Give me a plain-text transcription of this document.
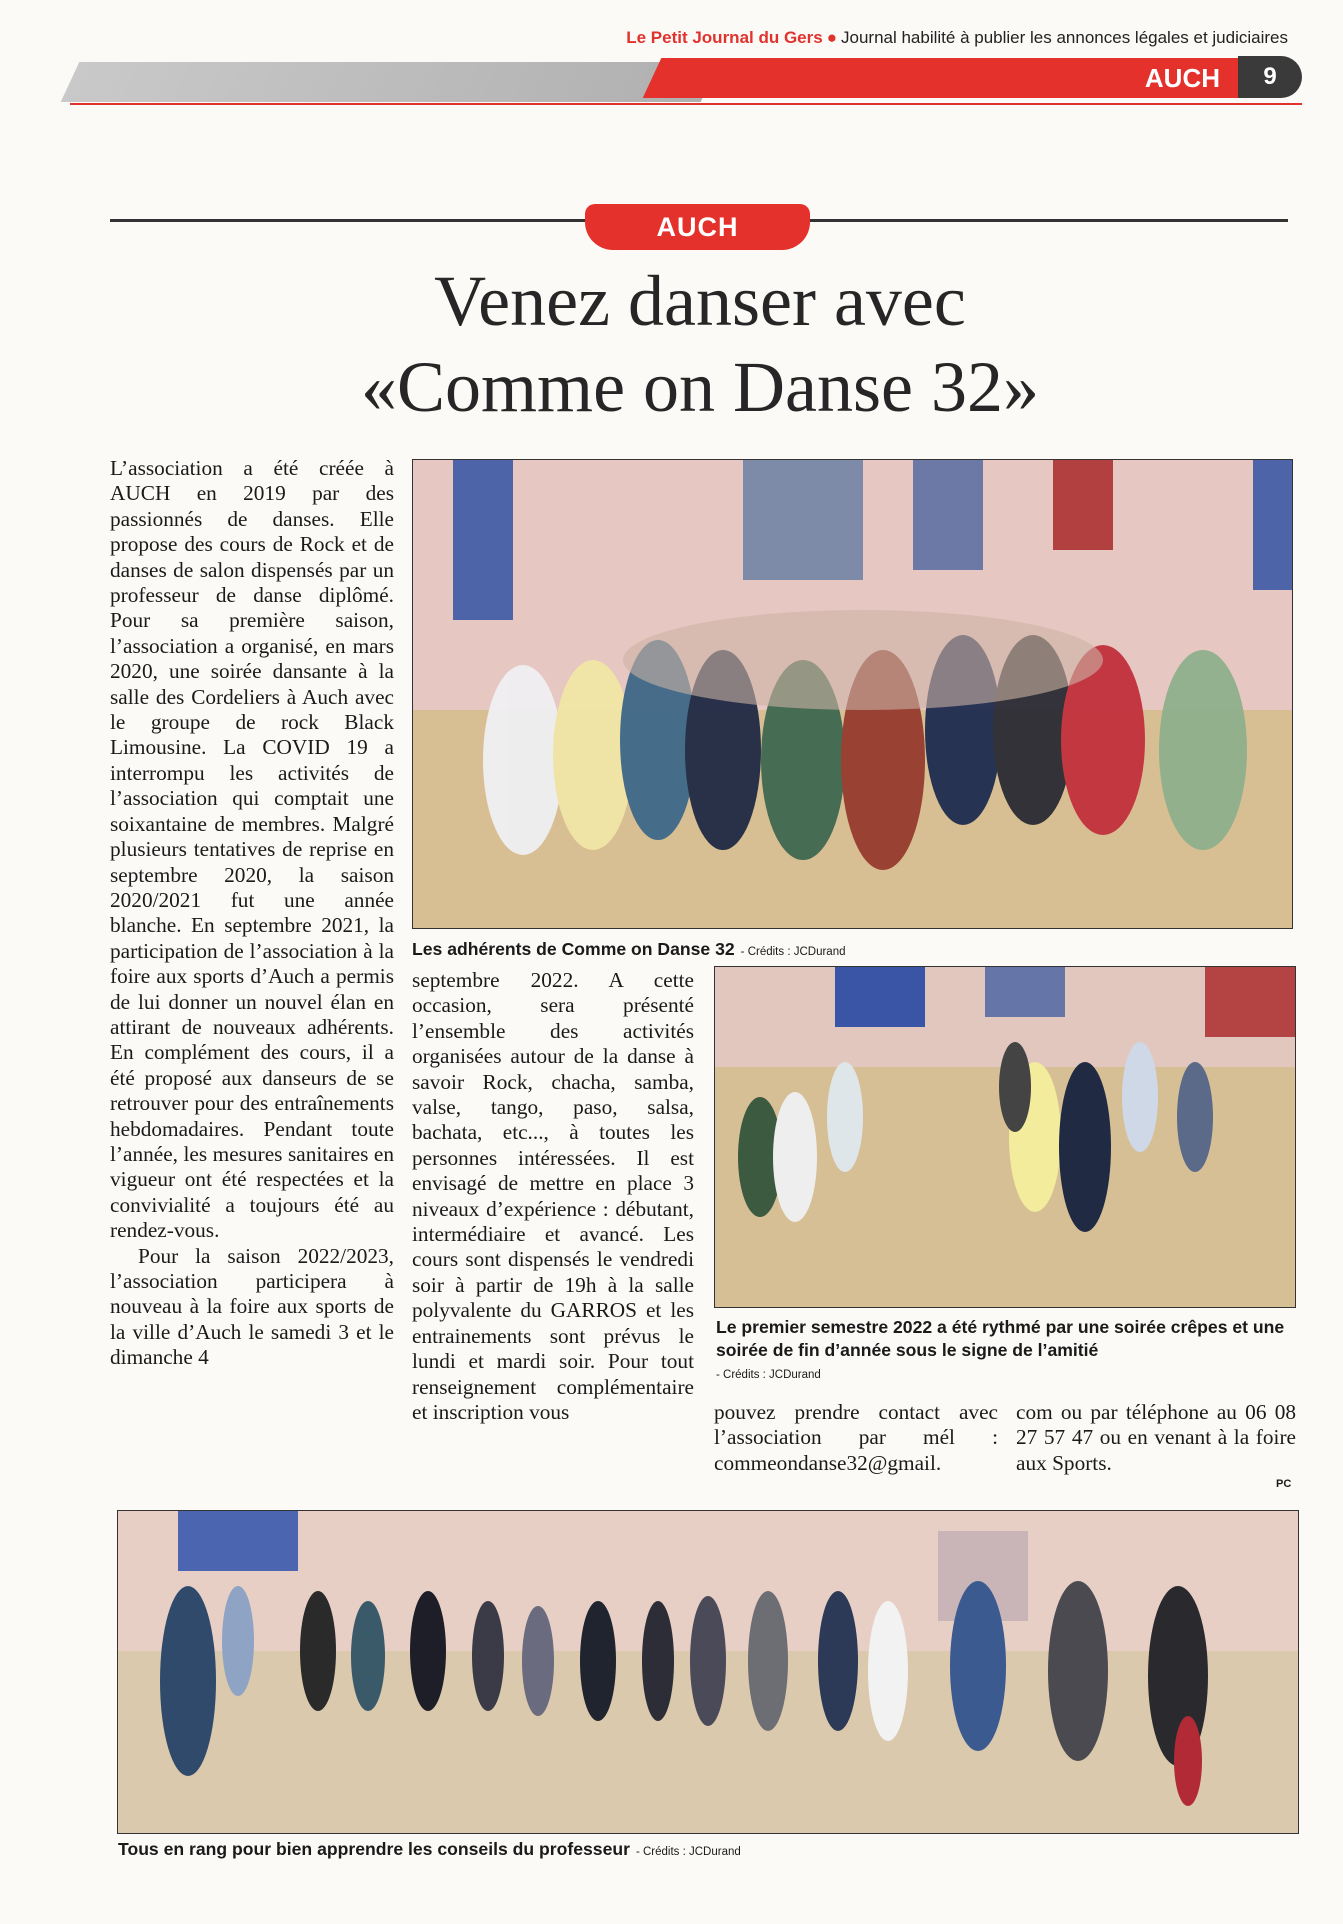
Le Petit Journal du Gers ● Journal habilité à publier les annonces légales et judiciaires
AUCH	9
AUCH
Venez danser avec
«Comme on Danse 32»

L’association a été créée à AUCH en 2019 par des passionnés de danses. Elle propose des cours de Rock et de danses de salon dispensés par un professeur de danse diplômé. Pour sa première saison, l’association a organisé, en mars 2020, une soirée dansante à la salle des Cordeliers à Auch avec le groupe de rock Black Limousine. La COVID 19 a interrompu les activités de l’association qui comptait une soixantaine de membres. Malgré plusieurs tentatives de reprise en septembre 2020, la saison 2020/2021 fut une année blanche. En septembre 2021, la participation de l’association à la foire aux sports d’Auch a permis de lui donner un nouvel élan en attirant de nouveaux adhérents. En complément des cours, il a été proposé aux danseurs de se retrouver pour des entraînements hebdomadaires. Pendant toute l’année, les mesures sanitaires en vigueur ont été respectées et la convivialité a toujours été au rendez-vous.

Pour la saison 2022/2023, l’association participera à nouveau à la foire aux sports de la ville d’Auch le samedi 3 et le dimanche 4

septembre 2022. A cette occasion, sera présenté l’ensemble des activités organisées autour de la danse à savoir Rock, chacha, samba, valse, tango, paso, salsa, bachata, etc..., à toutes les personnes intéressées. Il est envisagé de mettre en place 3 niveaux d’expérience : débutant, intermédiaire et avancé. Les cours sont dispensés le vendredi soir à partir de 19h à la salle polyvalente du GARROS et les entrainements sont prévus le lundi et mardi soir. Pour tout renseignement complémentaire et inscription vous	pouvez prendre contact avec l’association par mél : commeondanse32@gmail.

com ou par téléphone au 06 08 27 57 47 ou en venant à la foire aux Sports.

PC
Les adhérents de Comme on Danse 32 - Crédits : JCDurand
Le premier semestre 2022 a été rythmé par une soirée crêpes et une soirée de fin d’année sous le signe de l’amitié
- Crédits : JCDurand
Tous en rang pour bien apprendre les conseils du professeur - Crédits : JCDurand
